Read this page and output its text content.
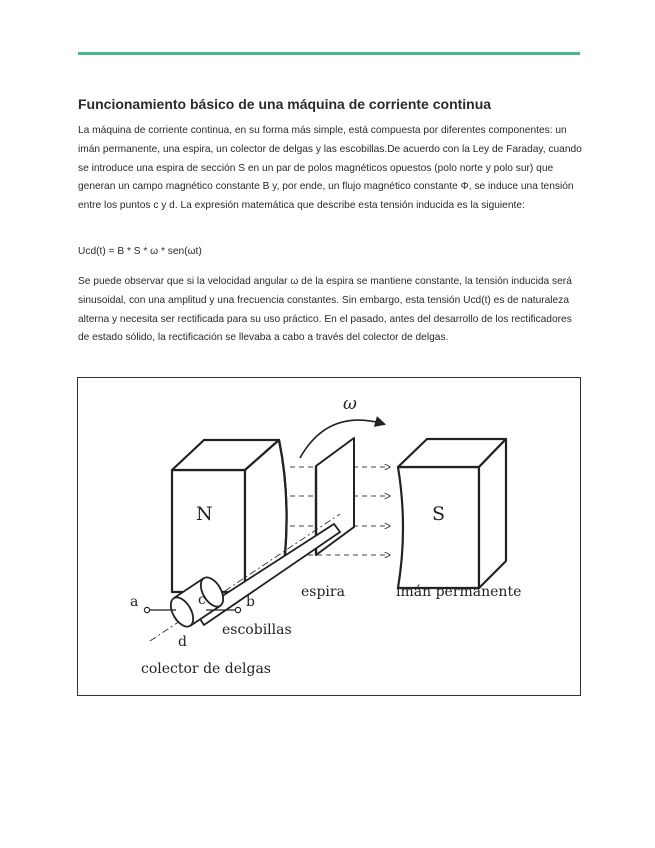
Funcionamiento básico de una máquina de corriente continua

La máquina de corriente continua, en su forma más simple, está compuesta por diferentes componentes: un imán permanente, una espira, un colector de delgas y las escobillas.De acuerdo con la Ley de Faraday, cuando se introduce una espira de sección S en un par de polos magnéticos opuestos (polo norte y polo sur) que generan un campo magnético constante B y, por ende, un flujo magnético constante Φ, se induce una tensión entre los puntos c y d. La expresión matemática que describe esta tensión inducida es la siguiente:

Ucd(t) = B * S * ω * sen(ωt)

Se puede observar que si la velocidad angular ω de la espira se mantiene constante, la tensión inducida será sinusoidal, con una amplitud y una frecuencia constantes. Sin embargo, esta tensión Ucd(t) es de naturaleza alterna y necesita ser rectificada para su uso práctico. En el pasado, antes del desarrollo de los rectificadores de estado sólido, la rectificación se llevaba a cabo a través del colector de delgas.

ω
N	S
a	b
c
d
espira	imán permanente
escobillas
colector de delgas
